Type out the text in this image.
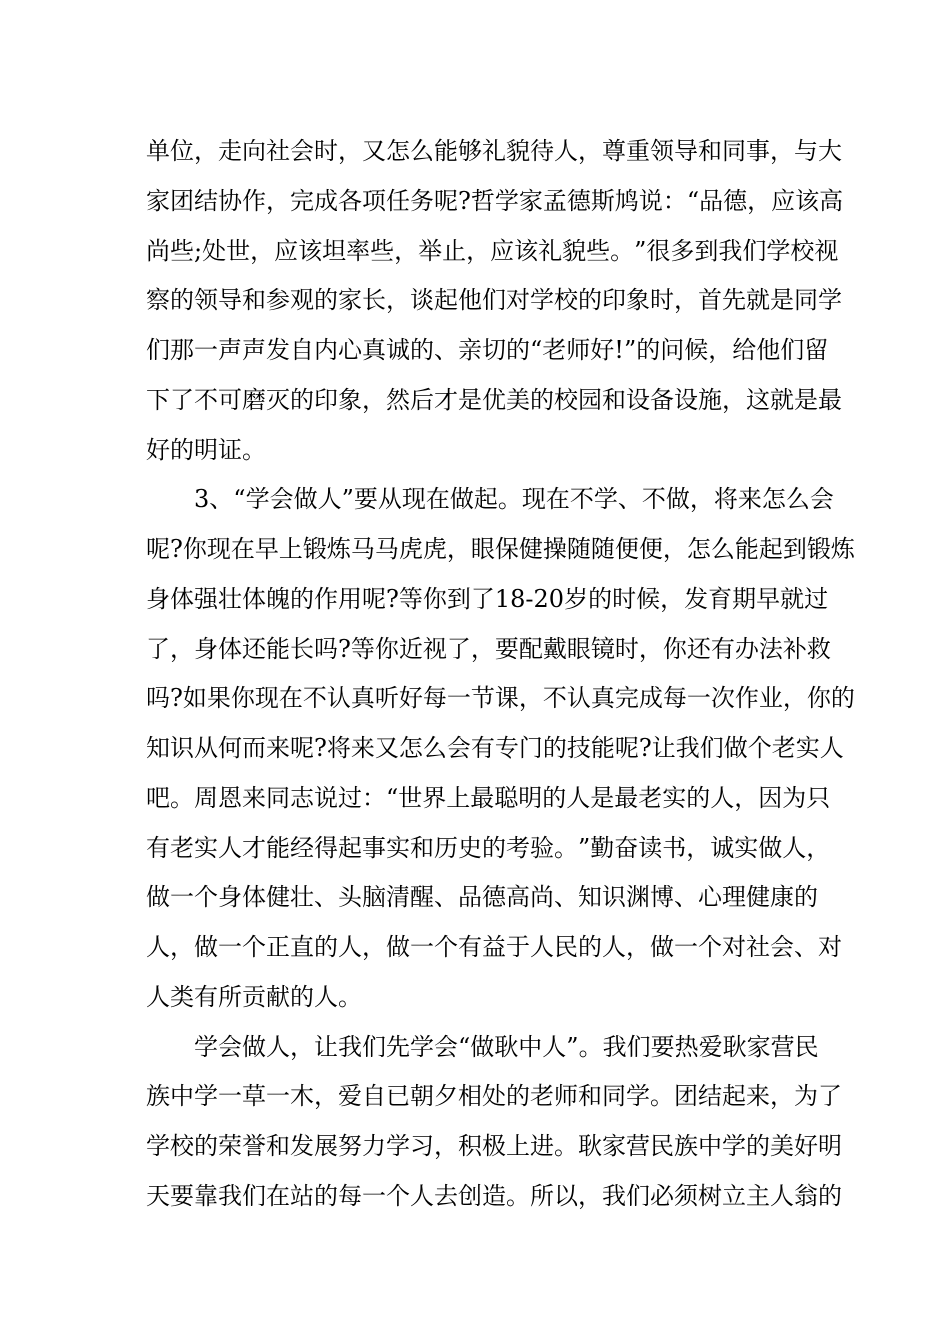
单 位 ， 走 向 社 会 时 ， 又 怎 么 能 够 礼 貌 待 人 ， 尊 重 领 导 和 同 事 ， 与 大
家 团 结 协 作 ， 完 成 各 项 任 务 呢 ? 哲 学 家 孟 德 斯 鸠 说 ： “ 品 德 ， 应 该 高
尚 些 ; 处 世 ， 应 该 坦 率 些 ， 举 止 ， 应 该 礼 貌 些 。 ” 很 多 到 我 们 学 校 视
察 的 领 导 和 参 观 的 家 长 ， 谈 起 他 们 对 学 校 的 印 象 时 ， 首 先 就 是 同 学
们 那 一 声 声 发 自 内 心 真 诚 的 、 亲 切 的 “ 老 师 好 ! ” 的 问 候 ， 给 他 们 留
下 了 不 可 磨 灭 的 印 象 ， 然 后 才 是 优 美 的 校 园 和 设 备 设 施 ， 这 就 是 最
好的明证。
3 、 “ 学 会 做 人 ” 要 从 现 在 做 起 。 现 在 不 学 、 不 做 ， 将 来 怎 么 会
呢 ? 你 现 在 早 上 锻 炼 马 马 虎 虎 ， 眼 保 健 操 随 随 便 便 ， 怎 么 能 起 到 锻 炼
身 体 强 壮 体 魄 的 作 用 呢 ? 等 你 到 了 18-20 岁 的 时 候 ， 发 育 期 早 就 过
了 ， 身 体 还 能 长 吗 ? 等 你 近 视 了 ， 要 配 戴 眼 镜 时 ， 你 还 有 办 法 补 救
吗 ? 如 果 你 现 在 不 认 真 听 好 每 一 节 课 ， 不 认 真 完 成 每 一 次 作 业 ， 你 的
知 识 从 何 而 来 呢 ? 将 来 又 怎 么 会 有 专 门 的 技 能 呢 ? 让 我 们 做 个 老 实 人
吧 。 周 恩 来 同 志 说 过 ： “ 世 界 上 最 聪 明 的 人 是 最 老 实 的 人 ， 因 为 只
有 老 实 人 才 能 经 得 起 事 实 和 历 史 的 考 验 。 ” 勤 奋 读 书 ， 诚 实 做 人 ，
做 一 个 身 体 健 壮 、 头 脑 清 醒 、 品 德 高 尚 、 知 识 渊 博 、 心 理 健 康 的
人 ， 做 一 个 正 直 的 人 ， 做 一 个 有 益 于 人 民 的 人 ， 做 一 个 对 社 会 、 对
人类有所贡献的人。
学 会 做 人 ， 让 我 们 先 学 会 “ 做 耿 中 人 ” 。 我 们 要 热 爱 耿 家 营 民
族 中 学 一 草 一 木 ， 爱 自 已 朝 夕 相 处 的 老 师 和 同 学 。 团 结 起 来 ， 为 了
学 校 的 荣 誉 和 发 展 努 力 学 习 ， 积 极 上 进 。 耿 家 营 民 族 中 学 的 美 好 明
天 要 靠 我 们 在 站 的 每 一 个 人 去 创 造 。 所 以 ， 我 们 必 须 树 立 主 人 翁 的
